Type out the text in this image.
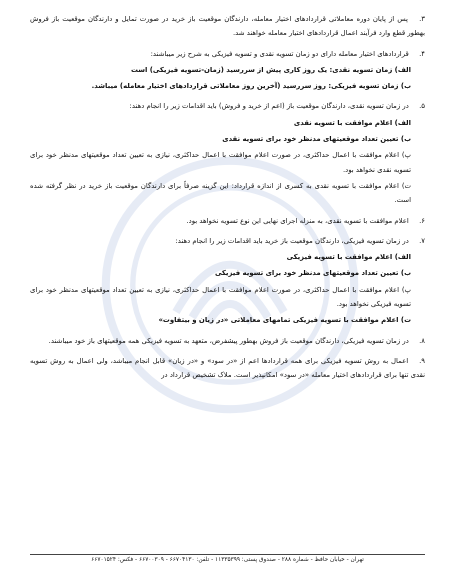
۳. پس از پایان دوره معاملاتی قراردادهای اختیار معامله، دارندگان موقعیت باز خرید در صورت تمایل و دارندگان موقعیت باز فروش بهطور قطع وارد فرآیند اعمال قراردادهای اختیار معامله خواهند شد.

۴. قراردادهای اختیار معامله دارای دو زمان تسویه نقدی و تسویه فیزیکی به شرح زیر میباشند:

الف) زمان تسویه نقدی: یک روز کاری پیش از سررسید (زمان-تسویه فیزیکی) است

ب) زمان تسویه فیزیکی: روز سررسید (آخرین روز معاملاتی قراردادهای اختیار معامله) میباشد.

۵. در زمان تسویه نقدی، دارندگان موقعیت باز (اعم از خرید و فروش) باید اقدامات زیر را انجام دهند:

الف) اعلام موافقت با تسویه نقدی

ب) تعیین تعداد موقعیتهای مدنظر خود برای تسویه نقدی

پ) اعلام موافقت با اعمال حداکثری، در صورت اعلام موافقت با اعمال حداکثری، نیازی به تعیین تعداد موقعیتهای مدنظر خود برای تسویه نقدی نخواهد بود.

ت) اعلام موافقت با تسویه نقدی به کسری از اندازه قرارداد: این گزینه صرفاً برای دارندگان موقعیت باز خرید در نظر گرفته شده است.

۶. اعلام موافقت با تسویه نقدی، به منزله اجرای نهایی این نوع تسویه نخواهد بود.

۷. در زمان تسویه فیزیکی، دارندگان موقعیت باز خرید باید اقدامات زیر را انجام دهند:

الف) اعلام موافقت با تسویه فیزیکی

ب) تعیین تعداد موقعیتهای مدنظر خود برای تسویه فیزیکی

پ) اعلام موافقت با اعمال حداکثری، در صورت اعلام موافقت با اعمال حداکثری، نیازی به تعیین تعداد موقعیتهای مدنظر خود برای تسویه فیزیکی نخواهد بود.

ت) اعلام موافقت با تسویه فیزیکی تمامهای معاملاتی «در زیان و بیتفاوت»

۸. در زمان تسویه فیزیکی، دارندگان موقعیت باز فروش بهطور پیشفرض، متعهد به تسویه فیزیکی همه موقعیتهای باز خود میباشند.

۹. اعمال به روش تسویه فیزیکی برای همه قراردادها اعم از «در سود» و «در زیان» قابل انجام میباشد، ولی اعمال به روش تسویه نقدی تنها برای قراردادهای اختیار معامله «در سود» امکانپذیر است. ملاک تشخیص قرارداد در

تهران - خیابان حافظ - شماره ۲۸۸ - صندوق پستی: ۱۱۳۳۵۳۹۹ - تلفن: ۶۶۷۰۴۱۳۰ - ۶۶۷۰۰۳۰۹ - فکس: ۶۶۷۰۱۵۲۴
